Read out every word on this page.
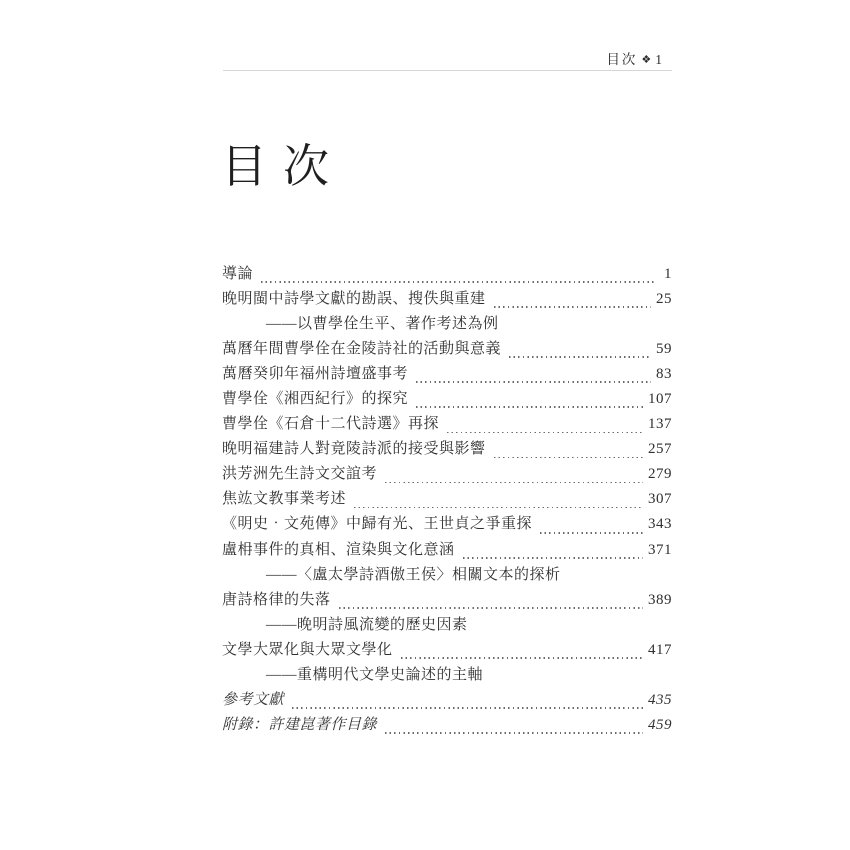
目次 ❖ 1
目次
導論	1
晚明閩中詩學文獻的勘誤、搜佚與重建	25
——以曹學佺生平、著作考述為例
萬曆年間曹學佺在金陵詩社的活動與意義	59
萬曆癸卯年福州詩壇盛事考	83
曹學佺《湘西紀行》的探究	107
曹學佺《石倉十二代詩選》再探	137
晚明福建詩人對竟陵詩派的接受與影響	257
洪芳洲先生詩文交誼考	279
焦竑文教事業考述	307
《明史‧文苑傳》中歸有光、王世貞之爭重探	343
盧枏事件的真相、渲染與文化意涵	371
——〈盧太學詩酒傲王侯〉相關文本的探析
唐詩格律的失落	389
——晚明詩風流變的歷史因素
文學大眾化與大眾文學化	417
——重構明代文學史論述的主軸
參考文獻	435
附錄：許建崑著作目錄	459
